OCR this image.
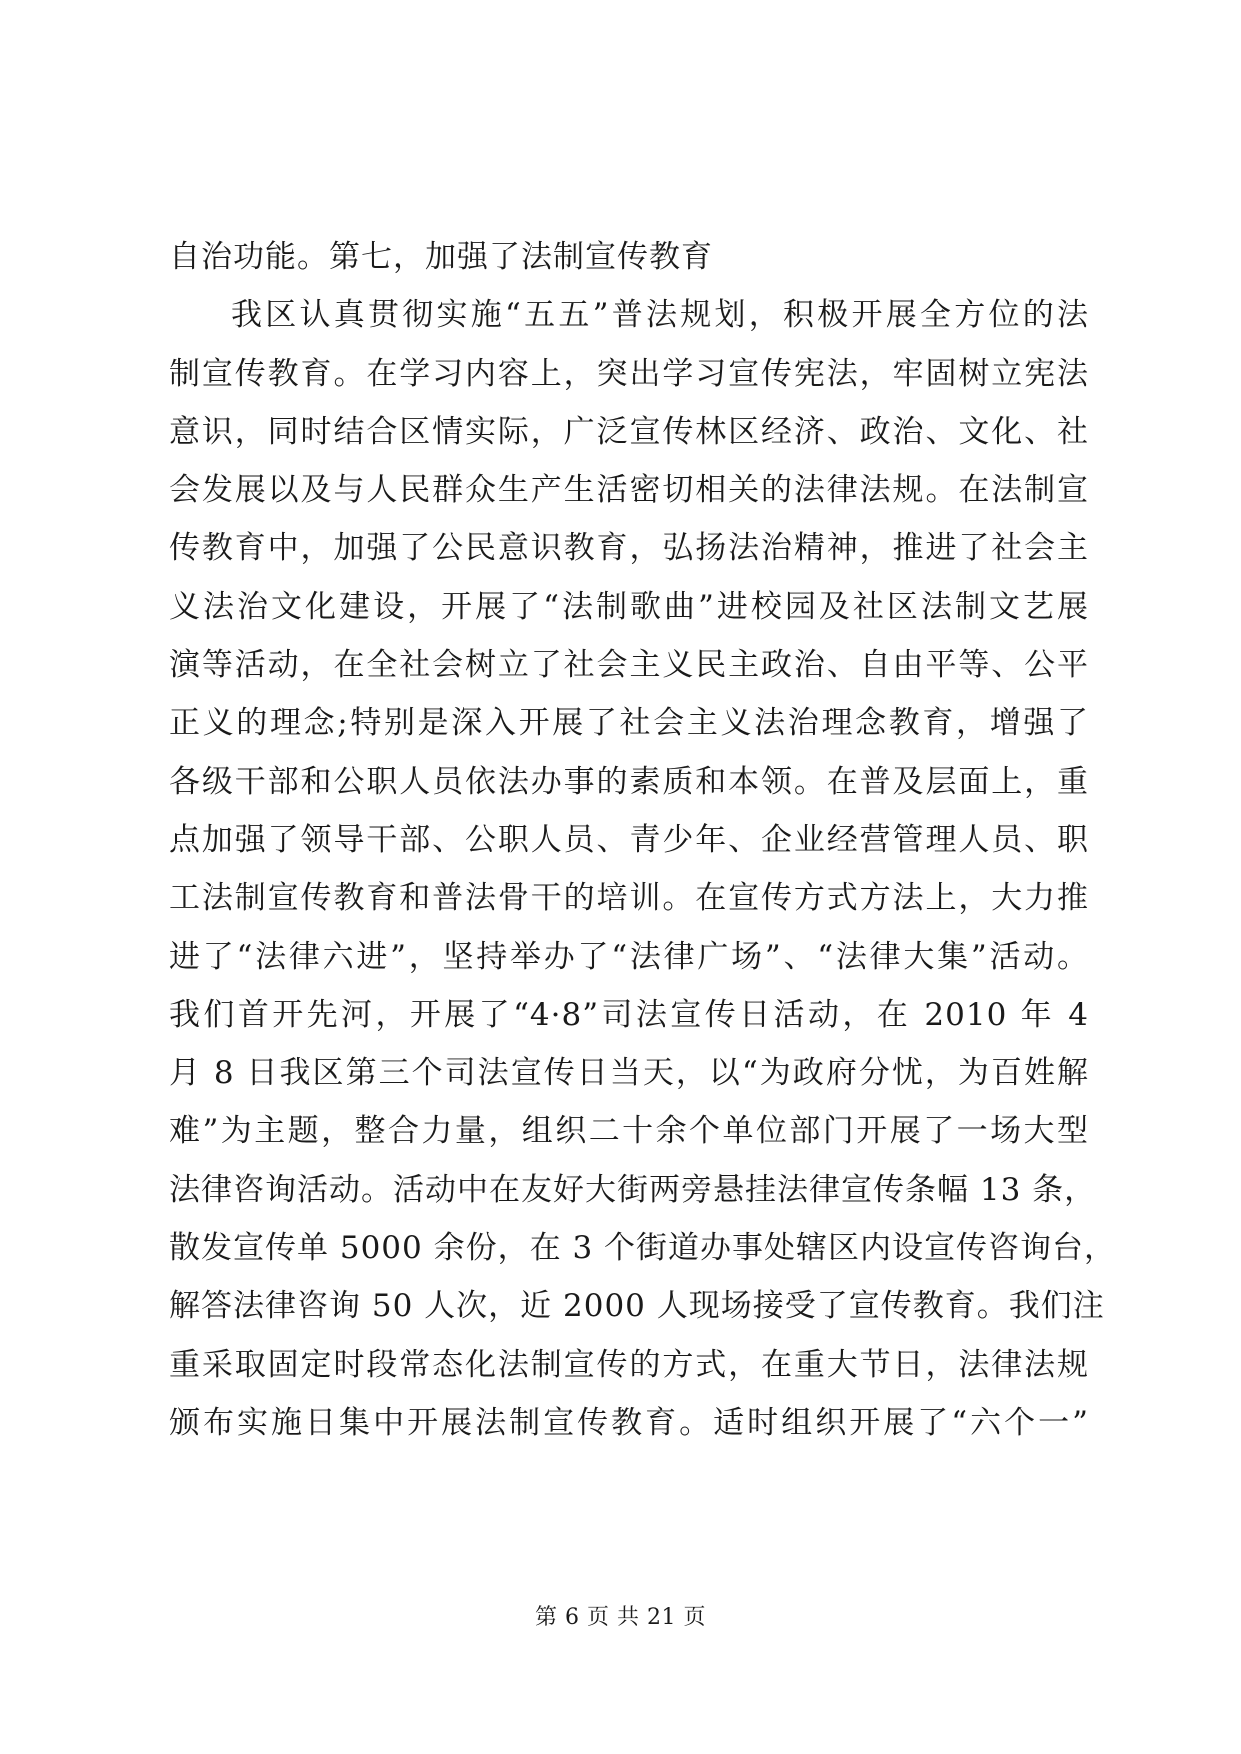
自治功能。第七，加强了法制宣传教育
我区认真贯彻实施“五五”普法规划，积极开展全方位的法
制宣传教育。在学习内容上，突出学习宣传宪法，牢固树立宪法
意识，同时结合区情实际，广泛宣传林区经济、政治、文化、社
会发展以及与人民群众生产生活密切相关的法律法规。在法制宣
传教育中，加强了公民意识教育，弘扬法治精神，推进了社会主
义法治文化建设，开展了“法制歌曲”进校园及社区法制文艺展
演等活动，在全社会树立了社会主义民主政治、自由平等、公平
正义的理念;特别是深入开展了社会主义法治理念教育，增强了
各级干部和公职人员依法办事的素质和本领。在普及层面上，重
点加强了领导干部、公职人员、青少年、企业经营管理人员、职
工法制宣传教育和普法骨干的培训。在宣传方式方法上，大力推
进了“法律六进”，坚持举办了“法律广场”、“法律大集”活动。
我们首开先河，开展了“4·8”司法宣传日活动，在 2010 年 4
月 8 日我区第三个司法宣传日当天，以“为政府分忧，为百姓解
难”为主题，整合力量，组织二十余个单位部门开展了一场大型
法律咨询活动。活动中在友好大街两旁悬挂法律宣传条幅 13 条，
散发宣传单 5000 余份，在 3 个街道办事处辖区内设宣传咨询台，
解答法律咨询 50 人次，近 2000 人现场接受了宣传教育。我们注
重采取固定时段常态化法制宣传的方式，在重大节日，法律法规
颁布实施日集中开展法制宣传教育。适时组织开展了“六个一”
第 6 页 共 21 页
